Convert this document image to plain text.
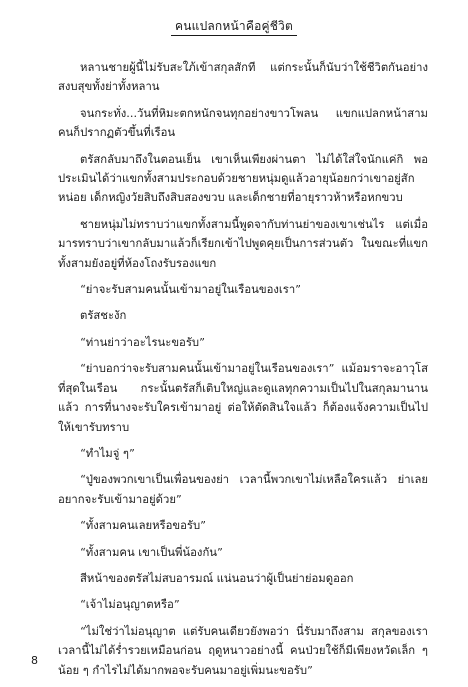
คนแปลกหน้าคือคู่ชีวิต

หลานชายผู้นี้ไม่รับสะใภ้เข้าสกุลสักที แต่กระนั้นก็นับว่าใช้ชีวิตกันอย่างสงบสุขทั้งย่าทั้งหลาน

จนกระทั่ง...วันที่หิมะตกหนักจนทุกอย่างขาวโพลน แขกแปลกหน้าสามคนก็ปรากฏตัวขึ้นที่เรือน

ตรัสกลับมาถึงในตอนเย็น เขาเห็นเพียงผ่านตา ไม่ได้ใส่ใจนักแค่กิ พอประเมินได้ว่าแขกทั้งสามประกอบด้วยชายหนุ่มดูแล้วอายุน้อยกว่าเขาอยู่สักหน่อย เด็กหญิงวัยสิบถึงสิบสองขวบ และเด็กชายที่อายุราวห้าหรือหกขวบ

ชายหนุ่มไม่ทราบว่าแขกทั้งสามนี้พูดจากับท่านย่าของเขาเช่นไร แต่เมื่อมารทราบว่าเขากลับมาแล้วก็เรียกเข้าไปพูดคุยเป็นการส่วนตัว ในขณะที่แขกทั้งสามยังอยู่ที่ห้องโถงรับรองแขก

“ย่าจะรับสามคนนั้นเข้ามาอยู่ในเรือนของเรา”

ตรัสชะงัก

“ท่านย่าว่าอะไรนะขอรับ”

“ย่าบอกว่าจะรับสามคนนั้นเข้ามาอยู่ในเรือนของเรา” แม้อมราจะอาวุโสที่สุดในเรือน กระนั้นตรัสก็เติบใหญ่และดูแลทุกความเป็นไปในสกุลมานานแล้ว การที่นางจะรับใครเข้ามาอยู่ ต่อให้ตัดสินใจแล้ว ก็ต้องแจ้งความเป็นไปให้เขารับทราบ

“ทำไมจู่ ๆ”

“ปู่ของพวกเขาเป็นเพื่อนของย่า เวลานี้พวกเขาไม่เหลือใครแล้ว ย่าเลยอยากจะรับเข้ามาอยู่ด้วย”

“ทั้งสามคนเลยหรือขอรับ”

“ทั้งสามคน เขาเป็นพี่น้องกัน”

สีหน้าของตรัสไม่สบอารมณ์ แน่นอนว่าผู้เป็นย่าย่อมดูออก

“เจ้าไม่อนุญาตหรือ”

“ไม่ใช่ว่าไม่อนุญาต แต่รับคนเดียวยังพอว่า นี่รับมาถึงสาม สกุลของเราเวลานี้ไม่ได้ร่ำรวยเหมือนก่อน ฤดูหนาวอย่างนี้ คนป่วยใช้ก็มีเพียงหวัดเล็ก ๆ น้อย ๆ กำไรไม่ได้มากพอจะรับคนมาอยู่เพิ่มนะขอรับ”

8
